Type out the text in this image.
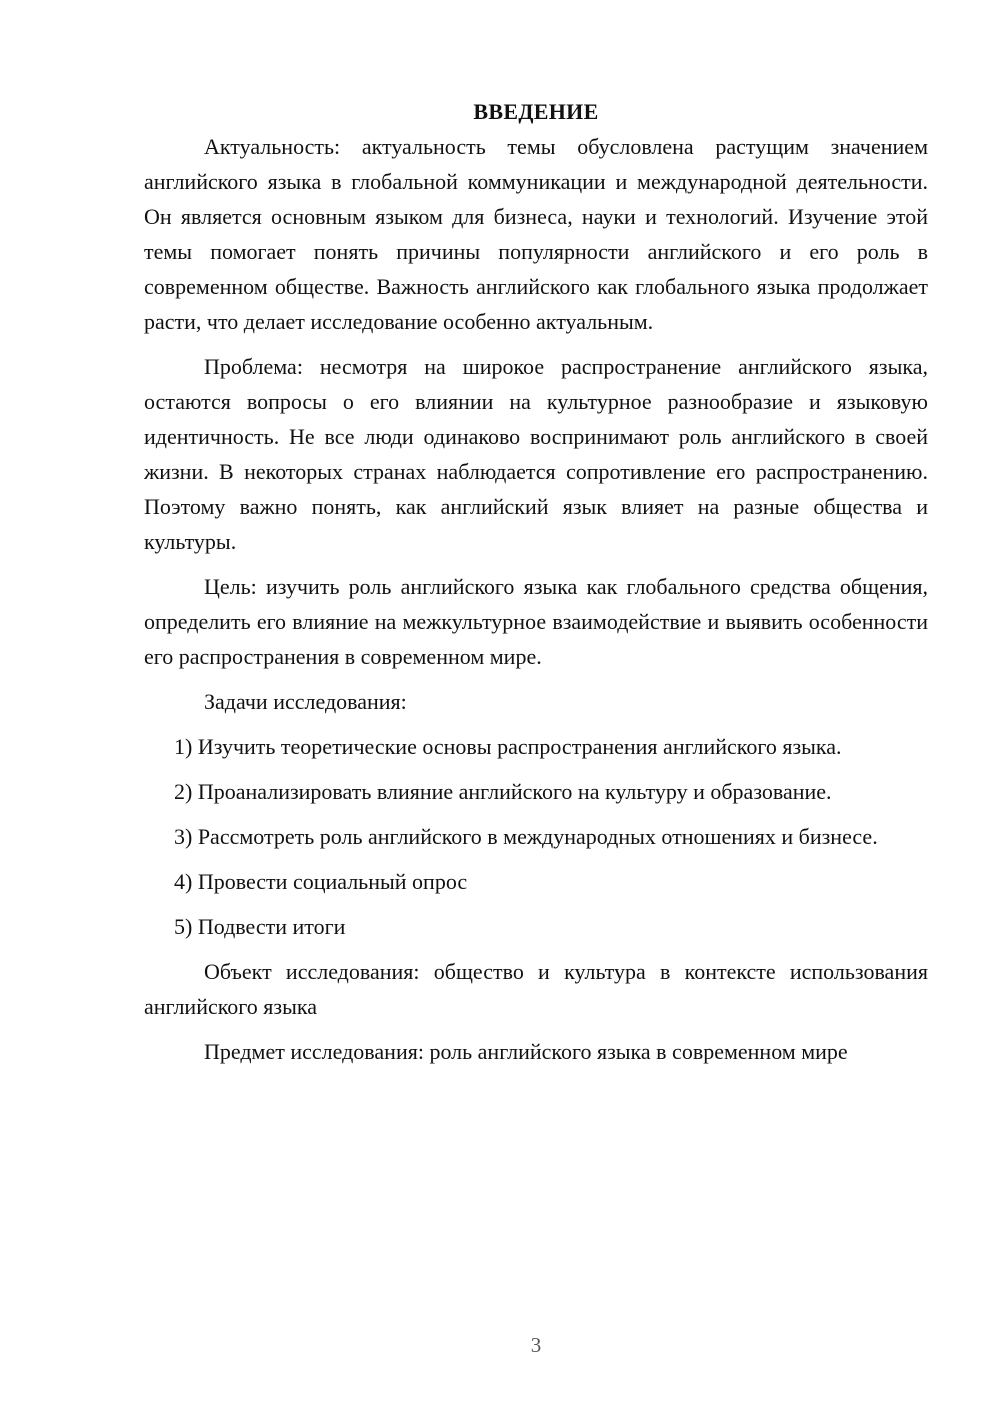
ВВЕДЕНИЕ

Актуальность: актуальность темы обусловлена растущим значением английского языка в глобальной коммуникации и международной деятельности. Он является основным языком для бизнеса, науки и технологий. Изучение этой темы помогает понять причины популярности английского и его роль в современном обществе. Важность английского как глобального языка продолжает расти, что делает исследование особенно актуальным.

Проблема: несмотря на широкое распространение английского языка, остаются вопросы о его влиянии на культурное разнообразие и языковую идентичность. Не все люди одинаково воспринимают роль английского в своей жизни. В некоторых странах наблюдается сопротивление его распространению. Поэтому важно понять, как английский язык влияет на разные общества и культуры.

Цель: изучить роль английского языка как глобального средства общения, определить его влияние на межкультурное взаимодействие и выявить особенности его распространения в современном мире.

Задачи исследования:

1) Изучить теоретические основы распространения английского языка.

2) Проанализировать влияние английского на культуру и образование.

3) Рассмотреть роль английского в международных отношениях и бизнесе.

4) Провести социальный опрос

5) Подвести итоги

Объект исследования: общество и культура в контексте использования английского языка

Предмет исследования: роль английского языка в современном мире

3
